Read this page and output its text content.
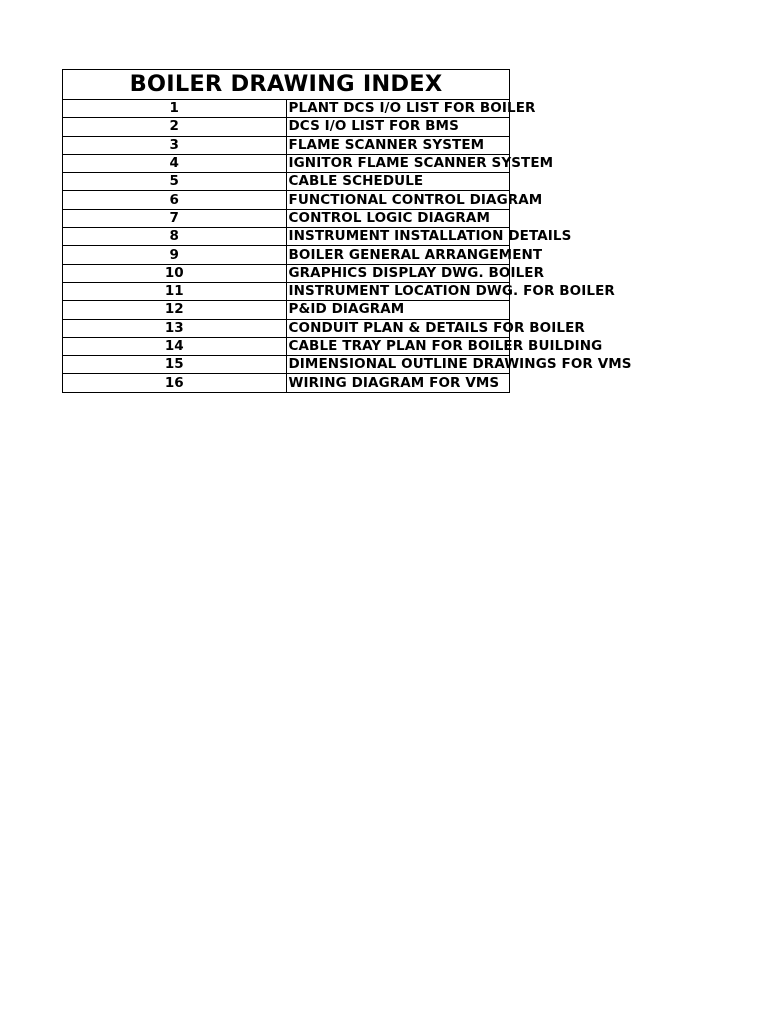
BOILER DRAWING INDEX	
1	PLANT DCS I/O LIST FOR BOILER
2	DCS I/O LIST FOR BMS
3	FLAME SCANNER SYSTEM
4	IGNITOR FLAME SCANNER SYSTEM
5	CABLE SCHEDULE
6	FUNCTIONAL CONTROL DIAGRAM
7	CONTROL LOGIC DIAGRAM
8	INSTRUMENT INSTALLATION DETAILS
9	BOILER GENERAL ARRANGEMENT
10	GRAPHICS DISPLAY DWG. BOILER
11	INSTRUMENT LOCATION DWG. FOR BOILER
12	P&ID DIAGRAM
13	CONDUIT PLAN & DETAILS FOR BOILER
14	CABLE TRAY PLAN FOR BOILER BUILDING
15	DIMENSIONAL OUTLINE DRAWINGS FOR VMS
16	WIRING DIAGRAM FOR VMS
